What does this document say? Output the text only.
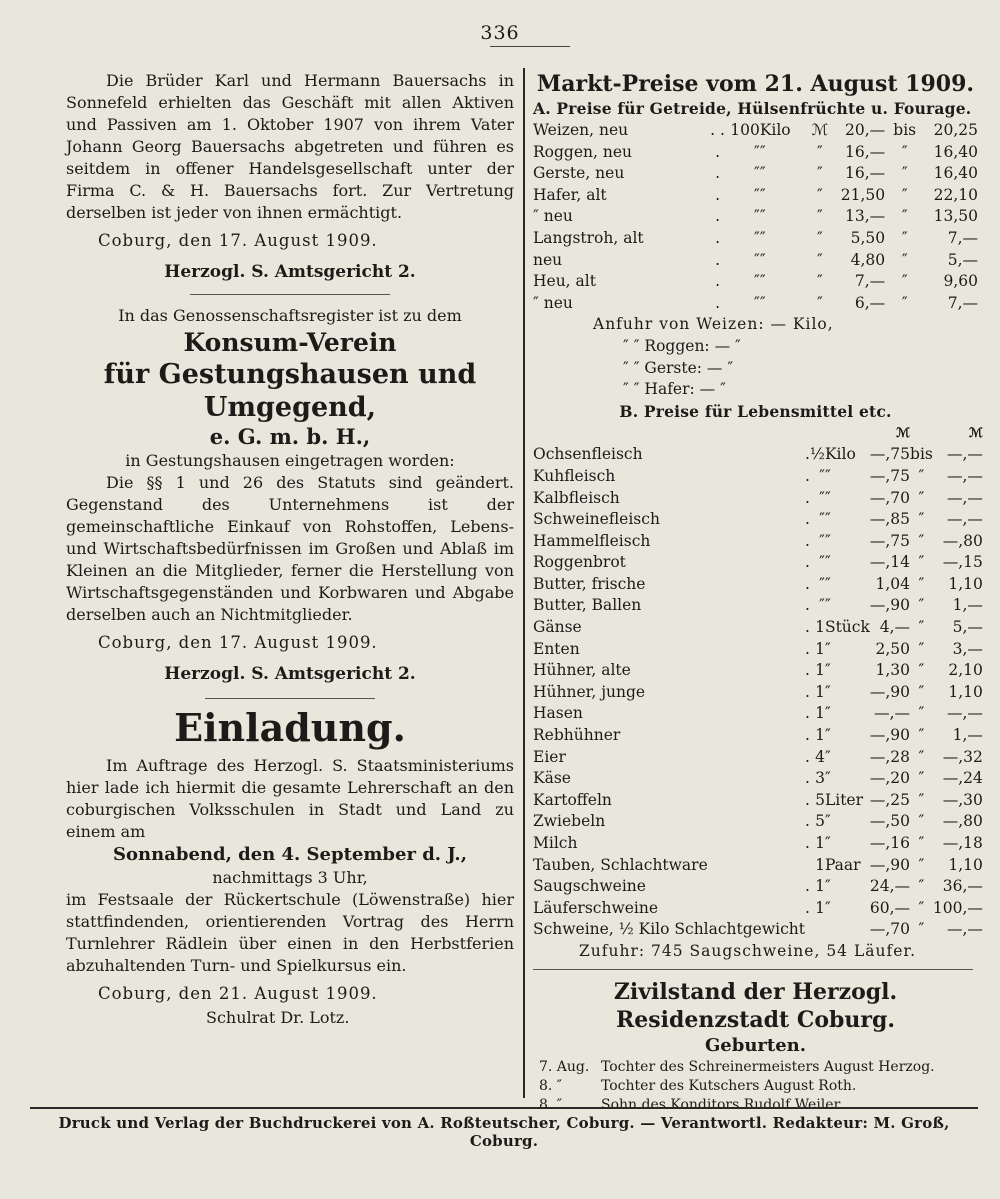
336

Die Brüder Karl und Hermann Bauersachs in Sonnefeld erhielten das Geschäft mit allen Aktiven und Passiven am 1. Oktober 1907 von ihrem Vater Johann Georg Bauersachs abgetreten und führen es seitdem in offener Handelsgesellschaft unter der Firma C. & H. Bauersachs fort. Zur Vertretung derselben ist jeder von ihnen ermächtigt.

Coburg, den 17. August 1909.
Herzogl. S. Amtsgericht 2.
In das Genossenschaftsregister ist zu dem
Konsum-Verein
für Gestungshausen und Umgegend,
e. G. m. b. H.,
in Gestungshausen eingetragen worden:

Die §§ 1 und 26 des Statuts sind geändert. Gegenstand des Unternehmens ist der gemeinschaftliche Einkauf von Rohstoffen, Lebens- und Wirtschaftsbedürfnissen im Großen und Ablaß im Kleinen an die Mitglieder, ferner die Herstellung von Wirtschaftsgegenständen und Korbwaren und Abgabe derselben auch an Nichtmitglieder.

Coburg, den 17. August 1909.
Herzogl. S. Amtsgericht 2.
Einladung.

Im Auftrage des Herzogl. S. Staatsministeriums hier lade ich hiermit die gesamte Lehrerschaft an den coburgischen Volksschulen in Stadt und Land zu einem am

Sonnabend, den 4. September d. J.,
nachmittags 3 Uhr,

im Festsaale der Rückertschule (Löwenstraße) hier stattfindenden, orientierenden Vortrag des Herrn Turnlehrer Rädlein über einen in den Herbstferien abzuhaltenden Turn- und Spielkursus ein.

Coburg, den 21. August 1909.
Schulrat Dr. Lotz.
Markt-Preise vom 21. August 1909.
A. Preise für Getreide, Hülsenfrüchte u. Fourage.
Weizen, neu	. .	100	Kilo	ℳ	20,—	bis	20,25
Roggen, neu	.	″	″	″	16,—	″	16,40
Gerste, neu	.	″	″	″	16,—	″	16,40
Hafer, alt	.	″	″	″	21,50	″	22,10
″ neu	.	″	″	″	13,—	″	13,50
Langstroh, alt	.	″	″	″	5,50	″	7,—
neu	.	″	″	″	4,80	″	5,—
Heu, alt	.	″	″	″	7,—	″	9,60
″ neu	.	″	″	″	6,—	″	7,—
Anfuhr von Weizen: — Kilo,
″ ″ Roggen: — ″
″ ″ Gerste: — ″
″ ″ Hafer: — ″
B. Preise für Lebensmittel etc.
					ℳ		ℳ
Ochsenfleisch	.	½	Kilo		—,75	bis	—,—
Kuhfleisch	.	″	″		—,75	″	—,—
Kalbfleisch	.	″	″		—,70	″	—,—
Schweinefleisch	.	″	″		—,85	″	—,—
Hammelfleisch	.	″	″		—,75	″	—,80
Roggenbrot	.	″	″		—,14	″	—,15
Butter, frische	.	″	″		1,04	″	1,10
Butter, Ballen	.	″	″		—,90	″	1,—
Gänse	.	1	Stück		4,—	″	5,—
Enten	.	1	″		2,50	″	3,—
Hühner, alte	.	1	″		1,30	″	2,10
Hühner, junge	.	1	″		—,90	″	1,10
Hasen	.	1	″		—,—	″	—,—
Rebhühner	.	1	″		—,90	″	1,—
Eier	.	4	″		—,28	″	—,32
Käse	.	3	″		—,20	″	—,24
Kartoffeln	.	5	Liter		—,25	″	—,30
Zwiebeln	.	5	″		—,50	″	—,80
Milch	.	1	″		—,16	″	—,18
Tauben, Schlachtware		1	Paar		—,90	″	1,10
Saugschweine	.	1	″		24,—	″	36,—
Läuferschweine	.	1	″		60,—	″	100,—
Schweine, ½ Kilo Schlachtgewicht					—,70	″	—,—
Zufuhr: 745 Saugschweine, 54 Läufer.
Zivilstand der Herzogl. Residenzstadt Coburg.
Geburten.
7. Aug. Tochter des Schreinermeisters August Herzog.
8. ″	Tochter des Kutschers August Roth.
8. ″	Sohn des Konditors Rudolf Weiler.
Druck und Verlag der Buchdruckerei von A. Roßteutscher, Coburg. — Verantwortl. Redakteur: M. Groß, Coburg.
